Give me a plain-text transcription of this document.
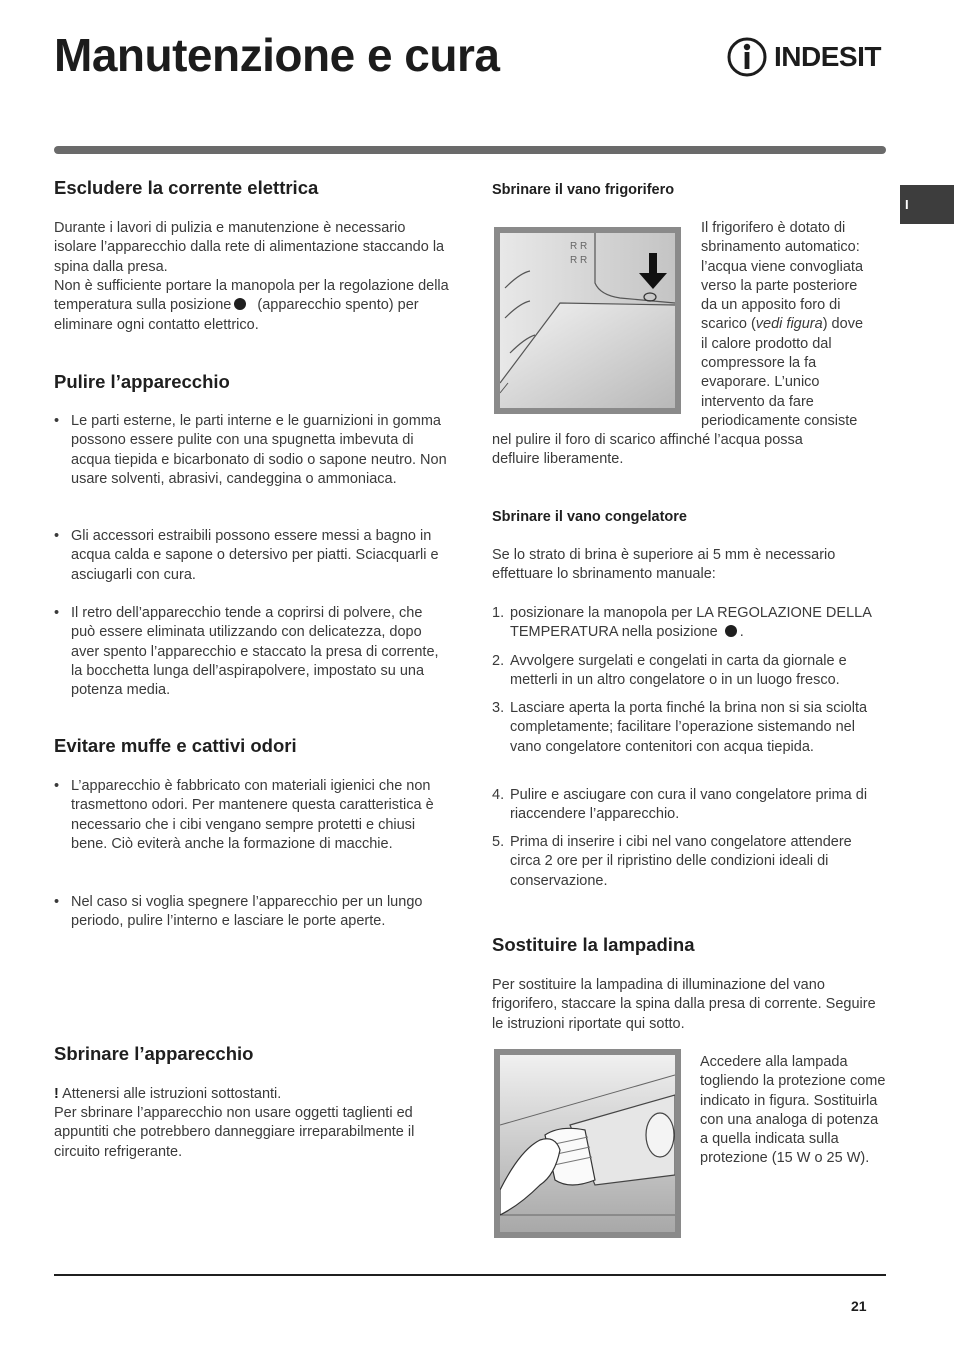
Manutenzione e cura	INDESIT
I
Escludere la corrente elettrica

Durante i lavori di pulizia e manutenzione è necessario isolare l’apparecchio dalla rete di alimentazione staccando la spina dalla presa.

Non è sufficiente portare la manopola per la regolazione della temperatura sulla posizione (apparecchio spento) per eliminare ogni contatto elettrico.

Pulire l’apparecchio
• Le parti esterne, le parti interne e le guarnizioni in gomma possono essere pulite con una spugnetta imbevuta di acqua tiepida e bicarbonato di sodio o sapone neutro. Non usare solventi, abrasivi, candeggina o ammoniaca.
• Gli accessori estraibili possono essere messi a bagno in acqua calda e sapone o detersivo per piatti. Sciacquarli e asciugarli con cura.
• Il retro dell’apparecchio tende a coprirsi di polvere, che può essere eliminata utilizzando con delicatezza, dopo aver spento l’apparecchio e staccato la presa di corrente, la bocchetta lunga dell’aspirapolvere, impostato su una potenza media.
Evitare muffe e cattivi odori
• L’apparecchio è fabbricato con materiali igienici che non trasmettono odori. Per mantenere questa caratteristica è necessario che i cibi vengano sempre protetti e chiusi bene. Ciò eviterà anche la formazione di macchie.
• Nel caso si voglia spegnere l’apparecchio per un lungo periodo, pulire l’interno e lasciare le porte aperte.
Sbrinare l’apparecchio

! Attenersi alle istruzioni sottostanti.

Per sbrinare l’apparecchio non usare oggetti taglienti ed appuntiti che potrebbero danneggiare irreparabilmente il circuito refrigerante.

Sbrinare il vano frigorifero
R R
R R
Il frigorifero è dotato di
sbrinamento automatico:
l’acqua viene convogliata
verso la parte posteriore
da un apposito foro di
scarico (vedi figura) dove
il calore prodotto dal
compressore la fa
evaporare. L’unico
intervento da fare
periodicamente consiste
nel pulire il foro di scarico affinché l’acqua possa
defluire liberamente.
Sbrinare il vano congelatore

Se lo strato di brina è superiore ai 5 mm è necessario effettuare lo sbrinamento manuale:

1. posizionare la manopola per LA REGOLAZIONE DELLA TEMPERATURA nella posizione .
2. Avvolgere surgelati e congelati in carta da giornale e metterli in un altro congelatore o in un luogo fresco.
3. Lasciare aperta la porta finché la brina non si sia sciolta completamente; facilitare l’operazione sistemando nel vano congelatore contenitori con acqua tiepida.
4. Pulire e asciugare con cura il vano congelatore prima di riaccendere l’apparecchio.
5. Prima di inserire i cibi nel vano congelatore attendere circa 2 ore per il ripristino delle condizioni ideali di conservazione.
Sostituire la lampadina

Per sostituire la lampadina di illuminazione del vano frigorifero, staccare la spina dalla presa di corrente. Seguire le istruzioni riportate qui sotto.

Accedere alla lampada togliendo la protezione come indicato in figura. Sostituirla con una analoga di potenza a quella indicata sulla protezione (15 W o 25 W).

21
